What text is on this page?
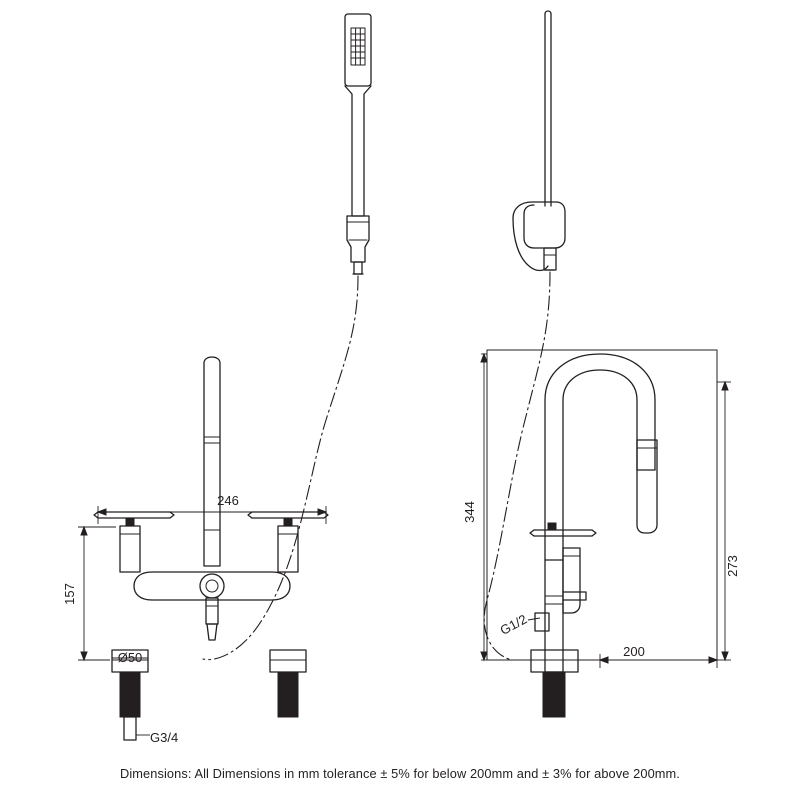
246
157
Ø50
G3/4
344
273
200
G1/2
Dimensions: All Dimensions in mm tolerance ± 5% for below 200mm and ± 3% for above 200mm.
